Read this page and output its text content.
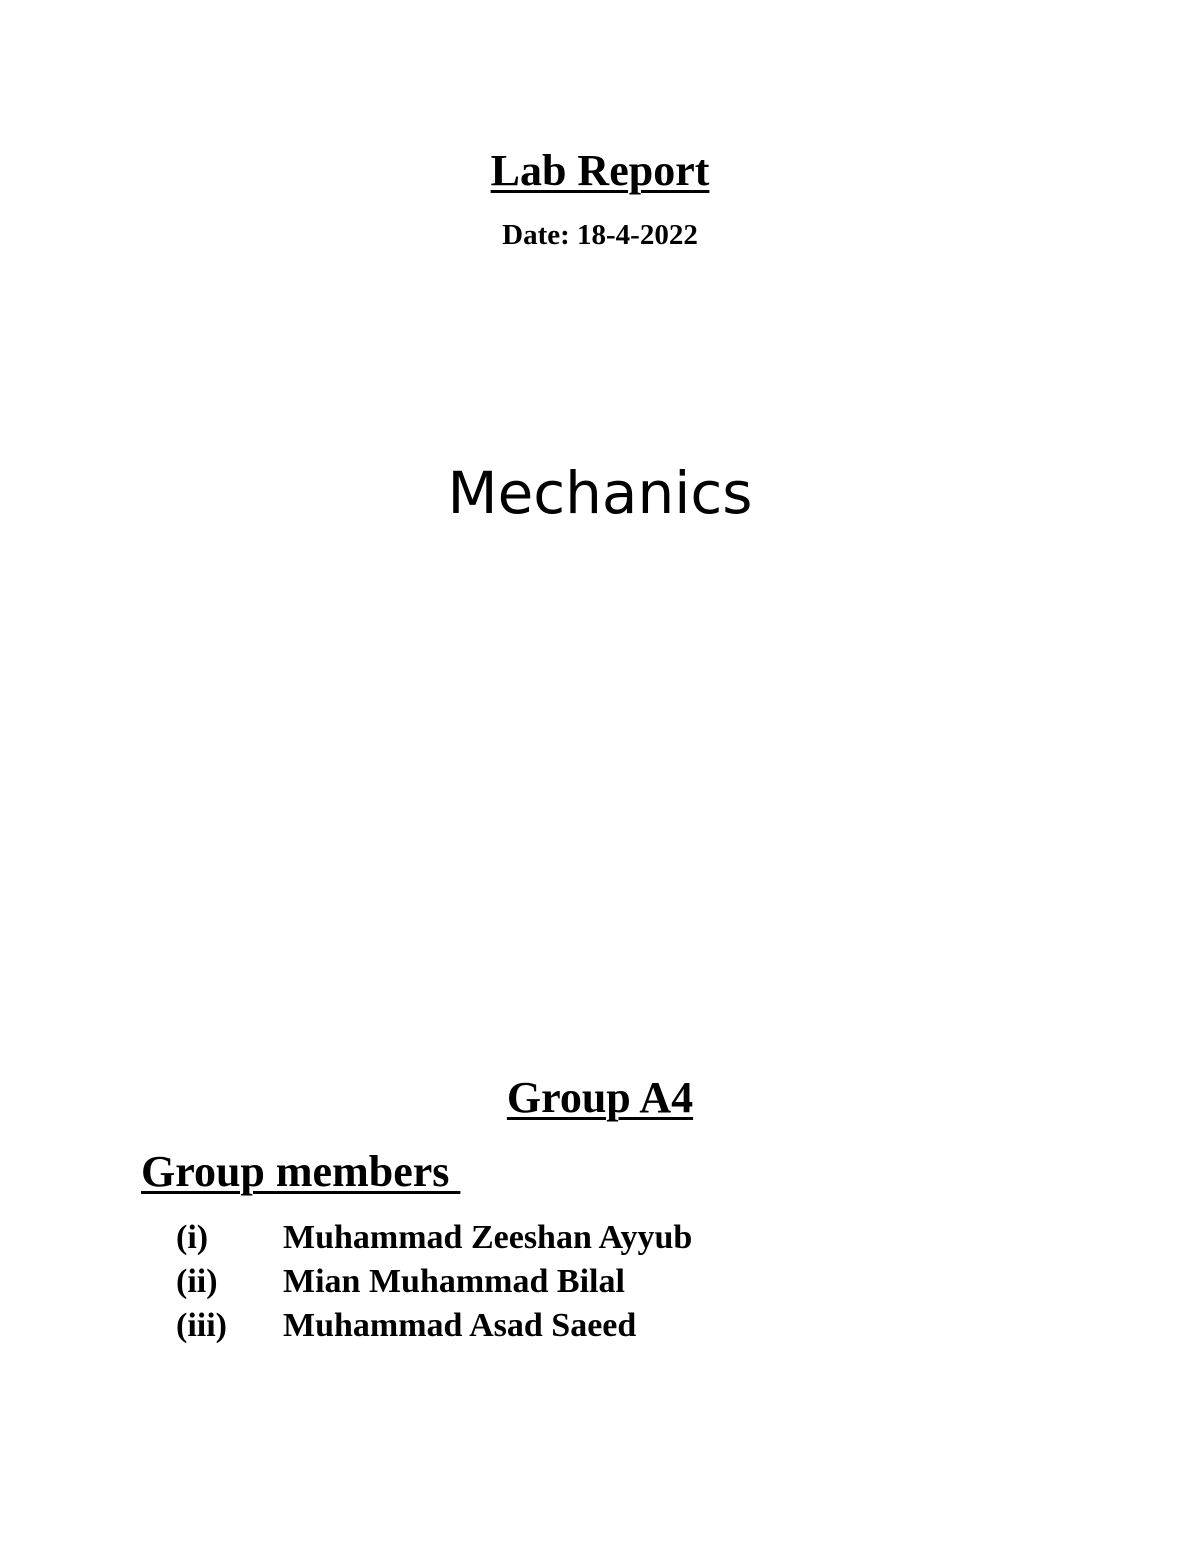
Lab Report

Date: 18-4-2022

Mechanics

Group A4
Group members
(i) Muhammad Zeeshan Ayyub
(ii) Mian Muhammad Bilal
(iii) Muhammad Asad Saeed
